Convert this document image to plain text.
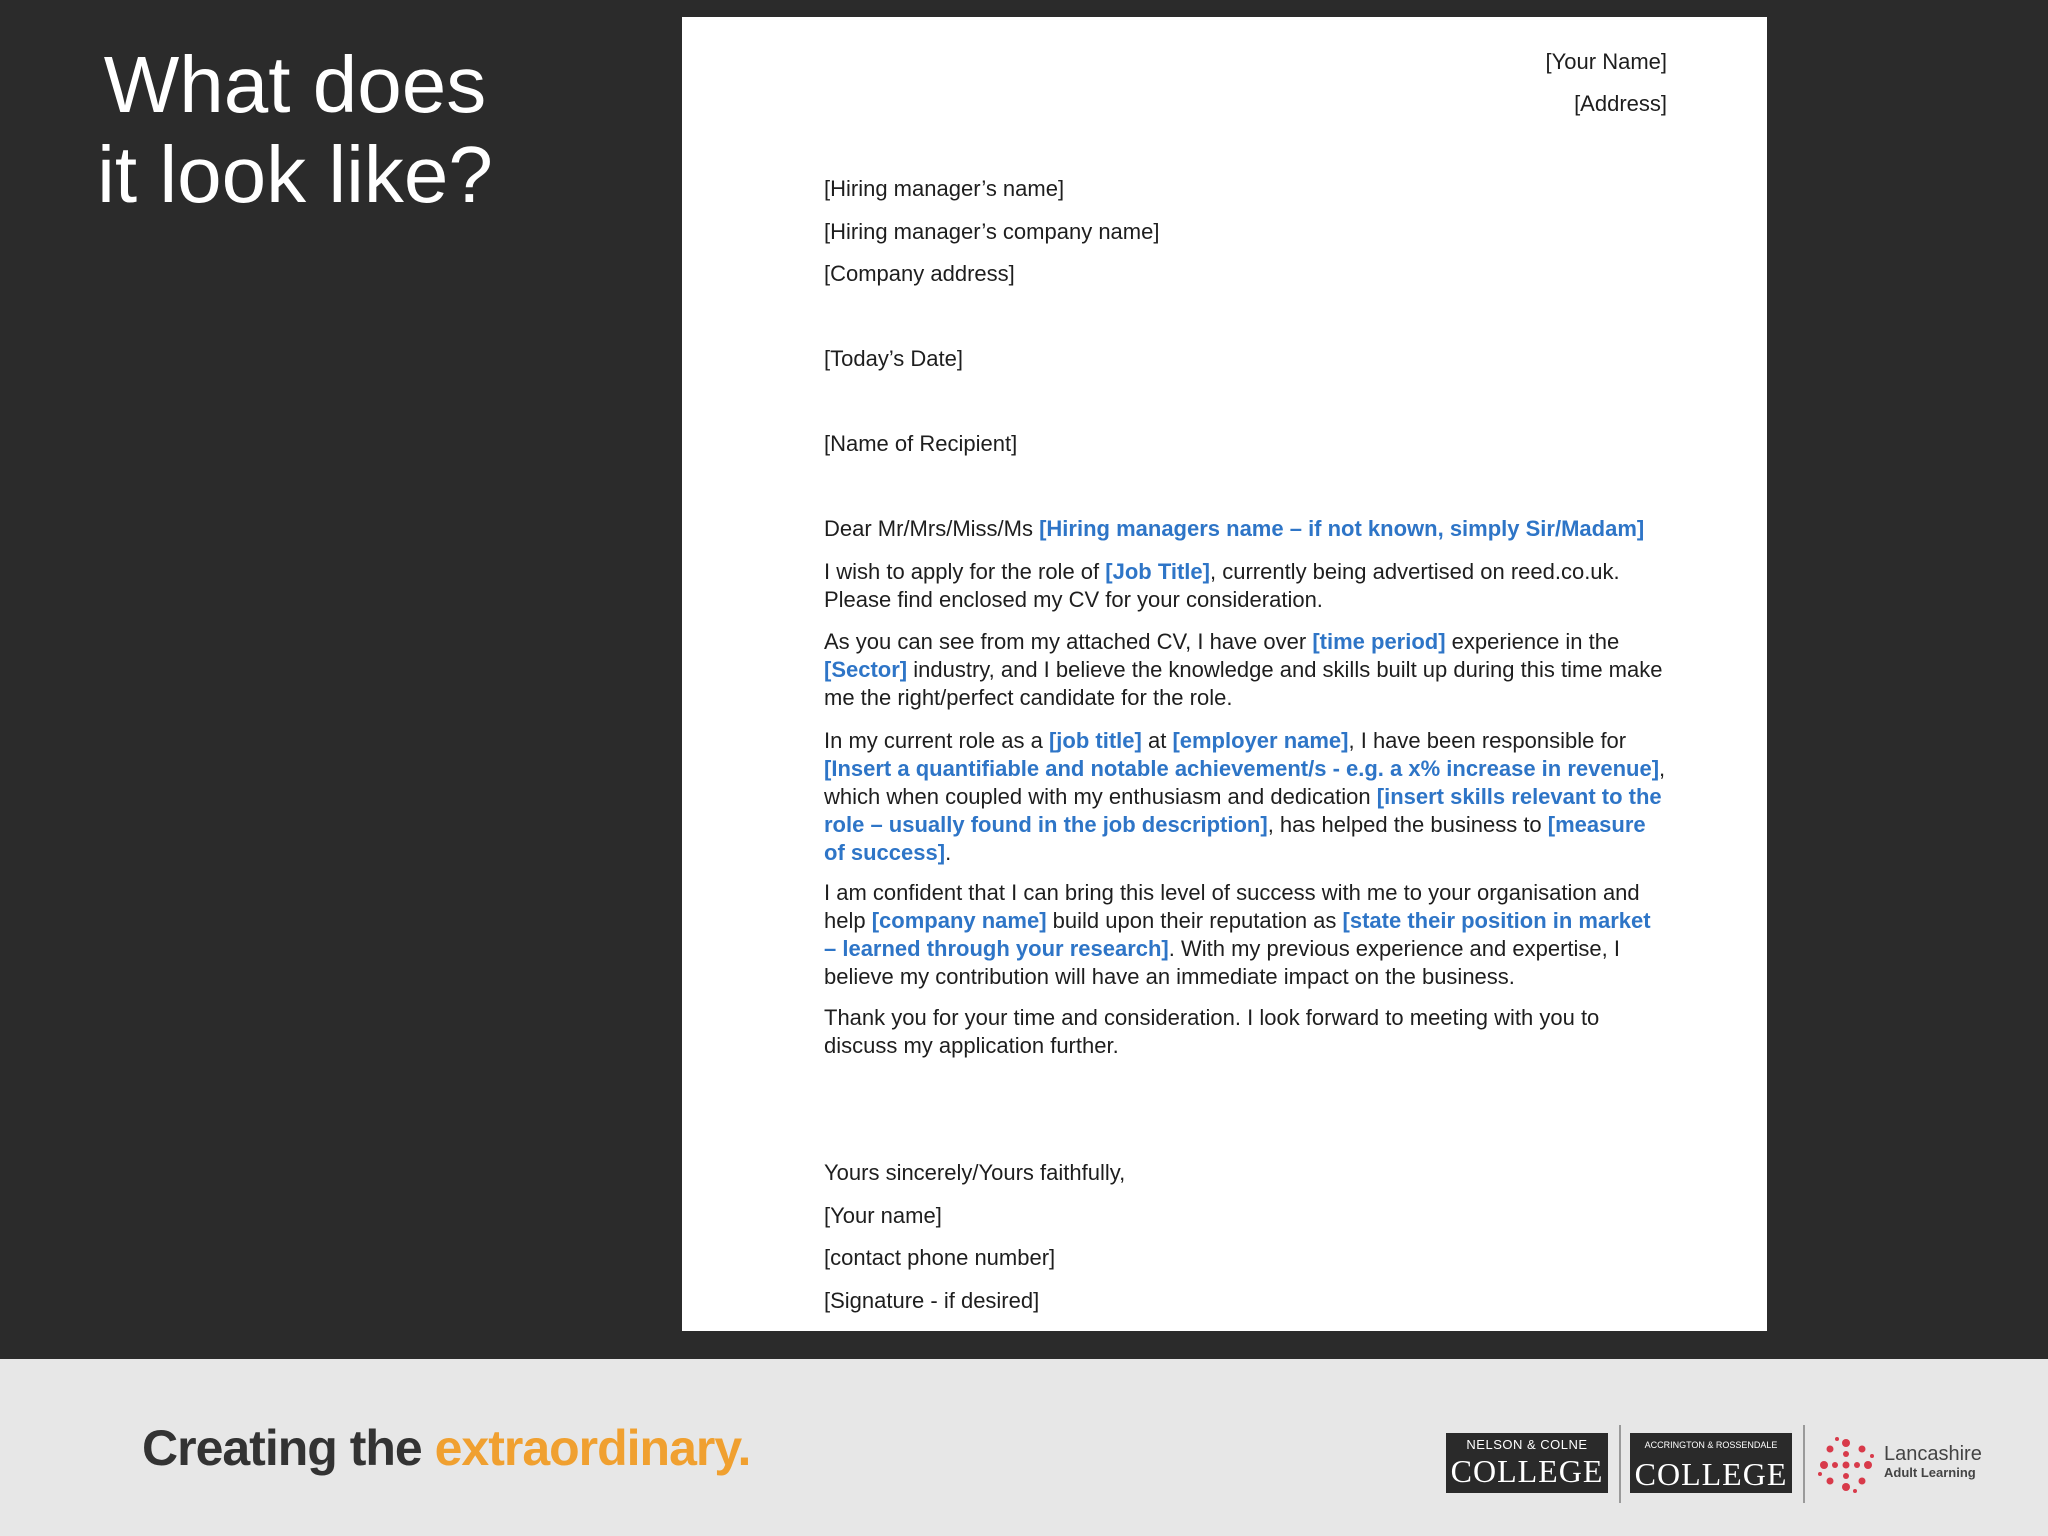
What does
it look like?
[Your Name]
[Address]
[Hiring manager’s name]
[Hiring manager’s company name]
[Company address]
[Today’s Date]
[Name of Recipient]
Dear Mr/Mrs/Miss/Ms [Hiring managers name – if not known, simply Sir/Madam]
I wish to apply for the role of [Job Title], currently being advertised on reed.co.uk. Please find enclosed my CV for your consideration.
As you can see from my attached CV, I have over [time period] experience in the [Sector] industry, and I believe the knowledge and skills built up during this time make me the right/perfect candidate for the role.
In my current role as a [job title] at [employer name], I have been responsible for [Insert a quantifiable and notable achievement/s - e.g. a x% increase in revenue], which when coupled with my enthusiasm and dedication [insert skills relevant to the role – usually found in the job description], has helped the business to [measure of success].
I am confident that I can bring this level of success with me to your organisation and help [company name] build upon their reputation as [state their position in market – learned through your research]. With my previous experience and expertise, I believe my contribution will have an immediate impact on the business.
Thank you for your time and consideration. I look forward to meeting with you to discuss my application further.
Yours sincerely/Yours faithfully,
[Your name]
[contact phone number]
[Signature - if desired]
Creating the extraordinary.	NELSON & COLNE
COLLEGE
ACCRINGTON & ROSSENDALE
COLLEGE
Lancashire
Adult Learning
